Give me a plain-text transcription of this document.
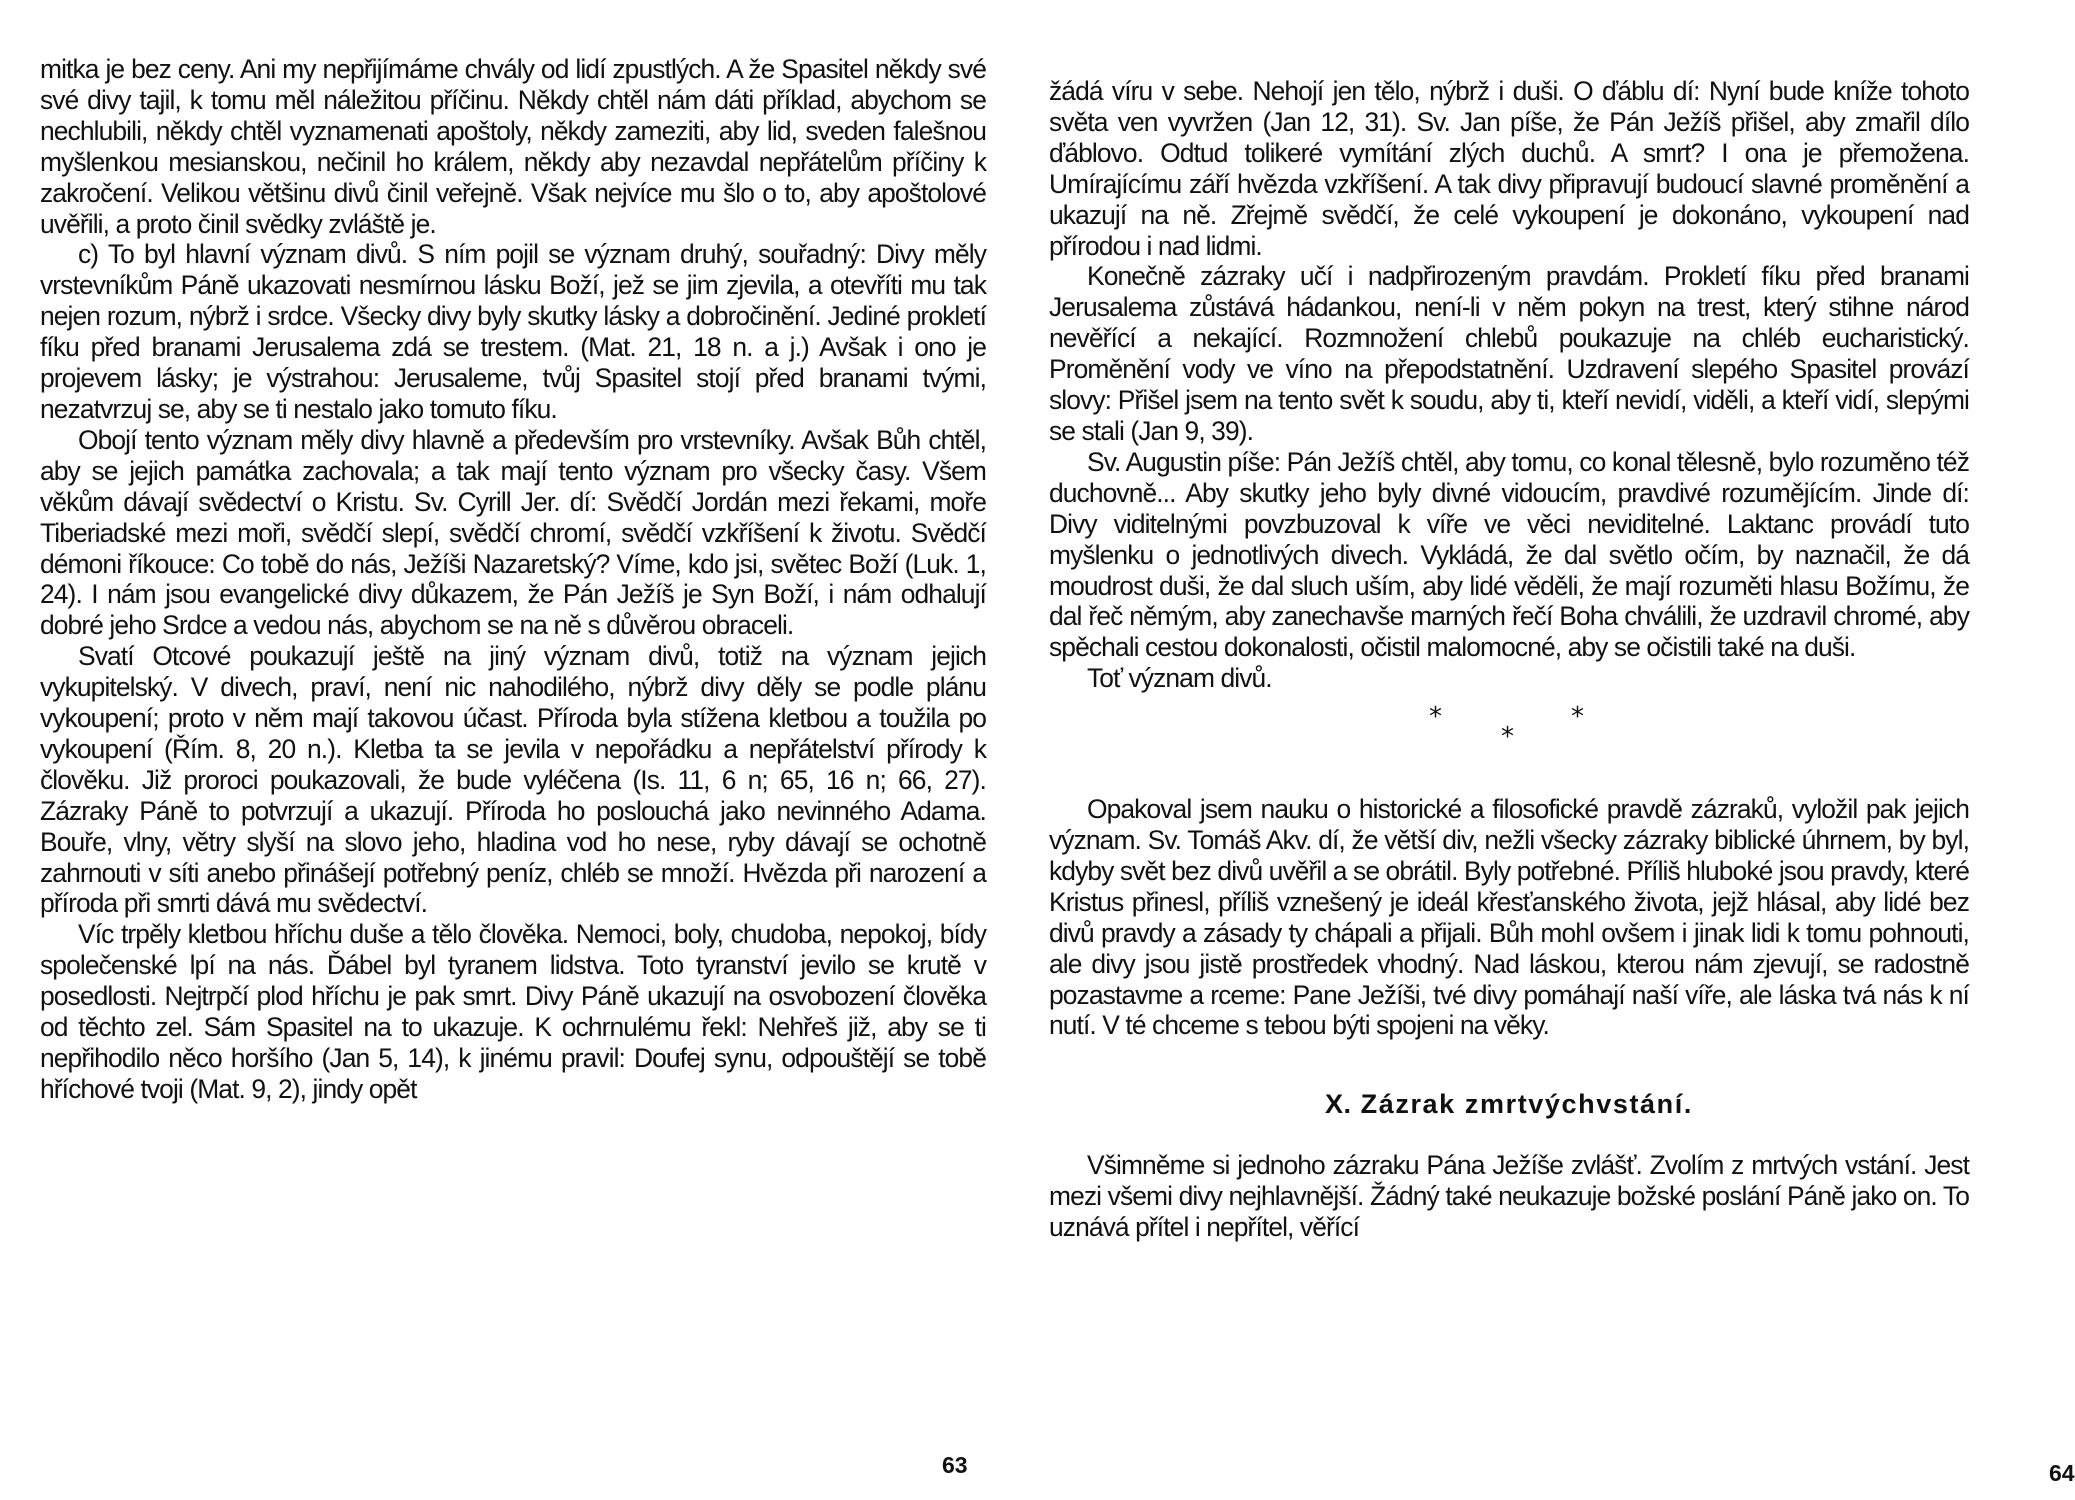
mitka je bez ceny. Ani my nepřijímáme chvály od lidí zpustlých. A že Spasitel někdy své své divy tajil, k tomu měl náležitou příčinu. Někdy chtěl nám dáti příklad, abychom se nechlubili, někdy chtěl vyznamenati apoštoly, někdy zameziti, aby lid, sveden falešnou myšlenkou mesianskou, nečinil ho králem, někdy aby nezavdal nepřátelům příčiny k zakročení. Velikou většinu divů činil veřejně. Však nejvíce mu šlo o to, aby apoštolové uvěřili, a proto činil svědky zvláště je.

c) To byl hlavní význam divů. S ním pojil se význam druhý, souřadný: Divy měly vrstevníkům Páně ukazovati nesmírnou lásku Boží, jež se jim zjevila, a otevříti mu tak nejen rozum, nýbrž i srdce. Všecky divy byly skutky lásky a dobročinění. Jediné prokletí fíku před branami Jerusalema zdá se trestem. (Mat. 21, 18 n. a j.) Avšak i ono je projevem lásky; je výstrahou: Jerusaleme, tvůj Spasitel stojí před branami tvými, nezatvrzuj se, aby se ti nestalo jako tomuto fíku.

Obojí tento význam měly divy hlavně a především pro vrstevníky. Avšak Bůh chtěl, aby se jejich památka zachovala; a tak mají tento význam pro všecky časy. Všem věkům dávají svědectví o Kristu. Sv. Cyrill Jer. dí: Svědčí Jordán mezi řekami, moře Tiberiadské mezi moři, svědčí slepí, svědčí chromí, svědčí vzkříšení k životu. Svědčí démoni říkouce: Co tobě do nás, Ježíši Nazaretský? Víme, kdo jsi, světec Boží (Luk. 1, 24). I nám jsou evangelické divy důkazem, že Pán Ježíš je Syn Boží, i nám odhalují dobré jeho Srdce a vedou nás, abychom se na ně s důvěrou obraceli.

Svatí Otcové poukazují ještě na jiný význam divů, totiž na význam jejich vykupitelský. V divech, praví, není nic nahodilého, nýbrž divy děly se podle plánu vykoupení; proto v něm mají takovou účast. Příroda byla stížena kletbou a toužila po vykoupení (Řím. 8, 20 n.). Kletba ta se jevila v nepořádku a nepřátelství přírody k člověku. Již proroci poukazovali, že bude vyléčena (Is. 11, 6 n; 65, 16 n; 66, 27). Zázraky Páně to potvrzují a ukazují. Příroda ho poslouchá jako nevinného Adama. Bouře, vlny, větry slyší na slovo jeho, hladina vod ho nese, ryby dávají se ochotně zahrnouti v síti anebo přinášejí potřebný peníz, chléb se množí. Hvězda při narození a příroda při smrti dává mu svědectví.

Víc trpěly kletbou hříchu duše a tělo člověka. Nemoci, boly, chudoba, nepokoj, bídy společenské lpí na nás. Ďábel byl tyranem lidstva. Toto tyranství jevilo se krutě v posedlosti. Nejtrpčí plod hříchu je pak smrt. Divy Páně ukazují na osvobození člověka od těchto zel. Sám Spasitel na to ukazuje. K ochrnulému řekl: Nehřeš již, aby se ti nepřihodilo něco horšího (Jan 5, 14), k jinému pravil: Doufej synu, odpouštějí se tobě hříchové tvoji (Mat. 9, 2), jindy opět

63

žádá víru v sebe. Nehojí jen tělo, nýbrž i duši. O ďáblu dí: Nyní bude kníže tohoto světa ven vyvržen (Jan 12, 31). Sv. Jan píše, že Pán Ježíš přišel, aby zmařil dílo ďáblovo. Odtud tolikeré vymítání zlých duchů. A smrt? I ona je přemožena. Umírajícímu září hvězda vzkříšení. A tak divy připravují budoucí slavné proměnění a ukazují na ně. Zřejmě svědčí, že celé vykoupení je dokonáno, vykoupení nad přírodou i nad lidmi.

Konečně zázraky učí i nadpřirozeným pravdám. Prokletí fíku před branami Jerusalema zůstává hádankou, není-li v něm pokyn na trest, který stihne národ nevěřící a nekající. Rozmnožení chlebů poukazuje na chléb eucharistický. Proměnění vody ve víno na přepodstatnění. Uzdravení slepého Spasitel provází slovy: Přišel jsem na tento svět k soudu, aby ti, kteří nevidí, viděli, a kteří vidí, slepými se stali (Jan 9, 39).

Sv. Augustin píše: Pán Ježíš chtěl, aby tomu, co konal tělesně, bylo rozuměno též duchovně... Aby skutky jeho byly divné vidoucím, pravdivé rozumějícím. Jinde dí: Divy viditelnými povzbuzoval k víře ve věci neviditelné. Laktanc provádí tuto myšlenku o jednotlivých divech. Vykládá, že dal světlo očím, by naznačil, že dá moudrost duši, že dal sluch uším, aby lidé věděli, že mají rozuměti hlasu Božímu, že dal řeč němým, aby zanechavše marných řečí Boha chválili, že uzdravil chromé, aby spěchali cestou dokonalosti, očistil malomocné, aby se očistili také na duši.

Toť význam divů.

*
*
*

Opakoval jsem nauku o historické a filosofické pravdě zázraků, vyložil pak jejich význam. Sv. Tomáš Akv. dí, že větší div, nežli všecky zázraky biblické úhrnem, by byl, kdyby svět bez divů uvěřil a se obrátil. Byly potřebné. Příliš hluboké jsou pravdy, které Kristus přinesl, příliš vznešený je ideál křesťanského života, jejž hlásal, aby lidé bez divů pravdy a zásady ty chápali a přijali. Bůh mohl ovšem i jinak lidi k tomu pohnouti, ale divy jsou jistě prostředek vhodný. Nad láskou, kterou nám zjevují, se radostně pozastavme a rceme: Pane Ježíši, tvé divy pomáhají naší víře, ale láska tvá nás k ní nutí. V té chceme s tebou býti spojeni na věky.

X. Zázrak zmrtvýchvstání.

Všimněme si jednoho zázraku Pána Ježíše zvlášť. Zvolím z mrtvých vstání. Jest mezi všemi divy nejhlavnější. Žádný také neukazuje božské poslání Páně jako on. To uznává přítel i nepřítel, věřící

64
